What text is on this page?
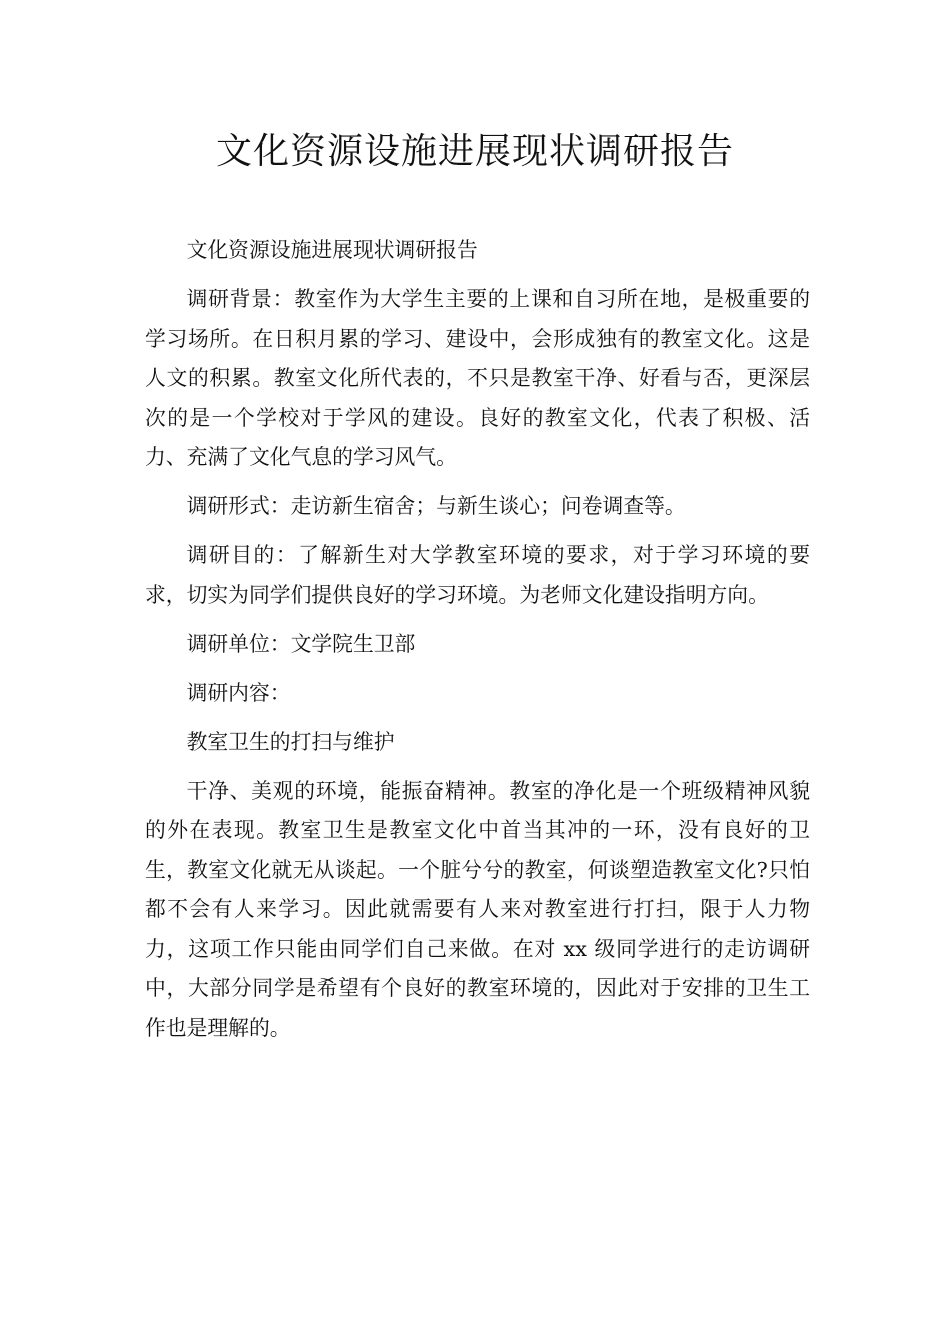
文化资源设施进展现状调研报告

文化资源设施进展现状调研报告

调研背景：教室作为大学生主要的上课和自习所在地，是极重要的学习场所。在日积月累的学习、建设中，会形成独有的教室文化。这是人文的积累。教室文化所代表的，不只是教室干净、好看与否，更深层次的是一个学校对于学风的建设。良好的教室文化，代表了积极、活力、充满了文化气息的学习风气。

调研形式：走访新生宿舍；与新生谈心；问卷调查等。

调研目的：了解新生对大学教室环境的要求，对于学习环境的要求，切实为同学们提供良好的学习环境。为老师文化建设指明方向。

调研单位：文学院生卫部

调研内容：

教室卫生的打扫与维护

干净、美观的环境，能振奋精神。教室的净化是一个班级精神风貌的外在表现。教室卫生是教室文化中首当其冲的一环，没有良好的卫生，教室文化就无从谈起。一个脏兮兮的教室，何谈塑造教室文化?只怕都不会有人来学习。因此就需要有人来对教室进行打扫，限于人力物力，这项工作只能由同学们自己来做。在对 xx 级同学进行的走访调研中，大部分同学是希望有个良好的教室环境的，因此对于安排的卫生工作也是理解的。
